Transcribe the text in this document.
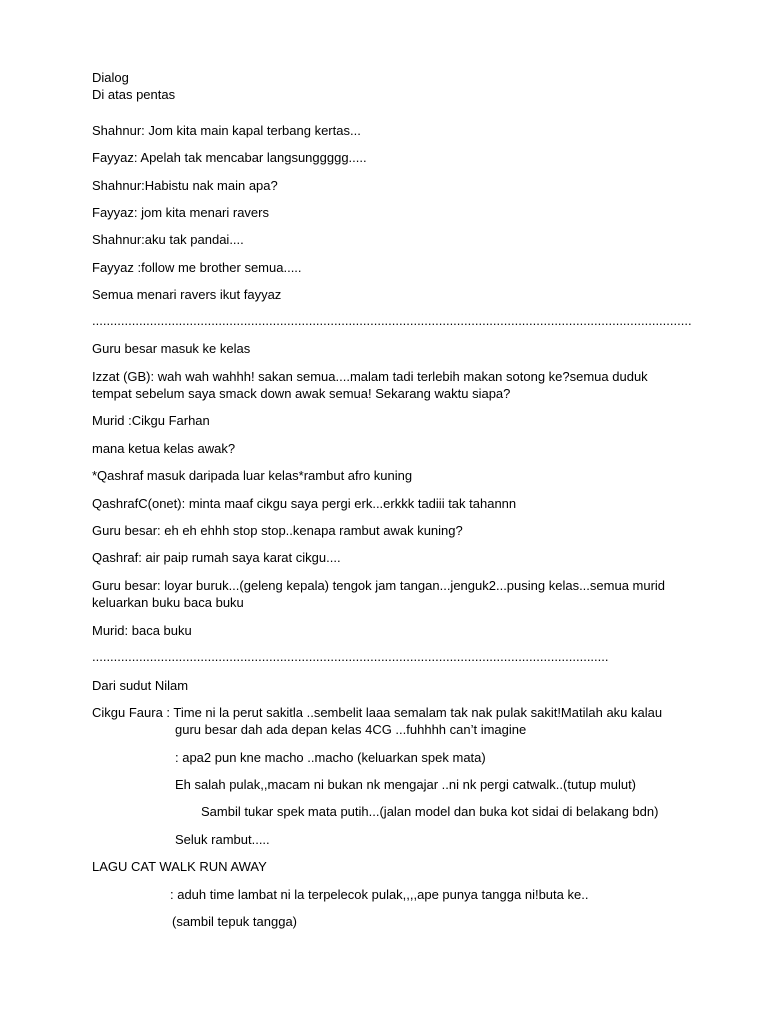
Dialog
Di atas pentas
Shahnur: Jom kita main kapal terbang kertas...
Fayyaz: Apelah tak mencabar langsunggggg.....
Shahnur:Habistu nak main apa?
Fayyaz: jom kita menari ravers
Shahnur:aku tak pandai....
Fayyaz :follow me brother semua.....
Semua menari ravers ikut fayyaz
......................................................................................................................................................................
Guru besar masuk ke kelas
Izzat (GB): wah wah wahhh! sakan semua....malam tadi terlebih makan sotong ke?semua duduk
tempat sebelum saya smack down awak semua! Sekarang waktu siapa?
Murid :Cikgu Farhan
mana ketua kelas awak?
*Qashraf masuk daripada luar kelas*rambut afro kuning
QashrafC(onet): minta maaf cikgu saya pergi erk...erkkk tadiii tak tahannn
Guru besar: eh eh ehhh stop stop..kenapa rambut awak kuning?
Qashraf: air paip rumah saya karat cikgu....
Guru besar: loyar buruk...(geleng kepala) tengok jam tangan...jenguk2...pusing kelas...semua murid
keluarkan buku baca buku
Murid: baca buku
...............................................................................................................................................
Dari sudut Nilam
Cikgu Faura : Time ni la perut sakitla ..sembelit laaa semalam tak nak pulak sakit!Matilah aku kalau
guru besar dah ada depan kelas 4CG ...fuhhhh can’t imagine
: apa2 pun kne macho ..macho (keluarkan spek mata)
Eh salah pulak,,macam ni bukan nk mengajar ..ni nk pergi catwalk..(tutup mulut)
Sambil tukar spek mata putih...(jalan model dan buka kot sidai di belakang bdn)
Seluk rambut.....
LAGU CAT WALK RUN AWAY
: aduh time lambat ni la terpelecok pulak,,,,ape punya tangga ni!buta ke..
(sambil tepuk tangga)
